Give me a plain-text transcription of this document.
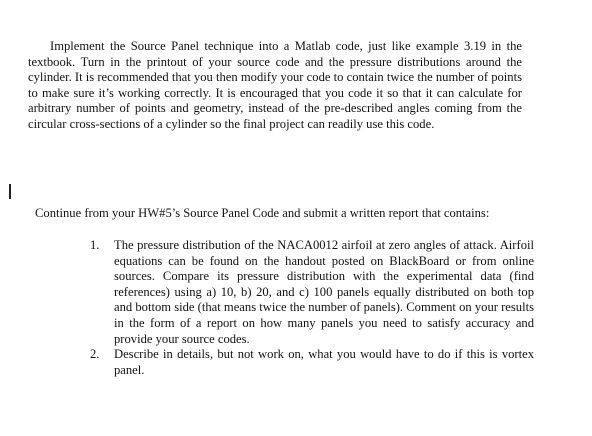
Implement the Source Panel technique into a Matlab code, just like example 3.19 in the textbook. Turn in the printout of your source code and the pressure distributions around the cylinder. It is recommended that you then modify your code to contain twice the number of points to make sure it’s working correctly. It is encouraged that you code it so that it can calculate for arbitrary number of points and geometry, instead of the pre-described angles coming from the circular cross-sections of a cylinder so the final project can readily use this code.

Continue from your HW#5’s Source Panel Code and submit a written report that contains:

1. The pressure distribution of the NACA0012 airfoil at zero angles of attack. Airfoil equations can be found on the handout posted on BlackBoard or from online sources. Compare its pressure distribution with the experimental data (find references) using a) 10, b) 20, and c) 100 panels equally distributed on both top and bottom side (that means twice the number of panels). Comment on your results in the form of a report on how many panels you need to satisfy accuracy and provide your source codes.
2. Describe in details, but not work on, what you would have to do if this is vortex panel.
